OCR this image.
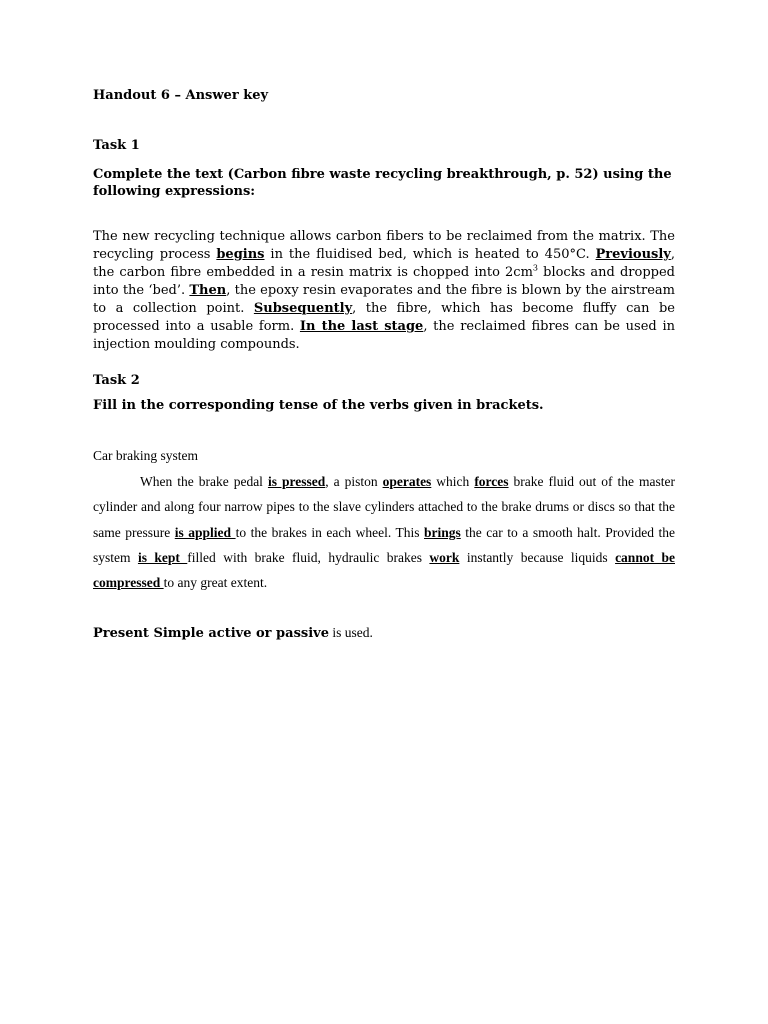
Handout 6 – Answer key
Task 1
Complete the text (Carbon fibre waste recycling breakthrough, p. 52) using the following expressions:

The new recycling technique allows carbon fibers to be reclaimed from the matrix. The recycling process begins in the fluidised bed, which is heated to 450°C. Previously, the carbon fibre embedded in a resin matrix is chopped into $2cm^3$ blocks and dropped into the ‘bed’. Then, the epoxy resin evaporates and the fibre is blown by the airstream to a collection point. Subsequently, the fibre, which has become fluffy can be processed into a usable form. In the last stage, the reclaimed fibres can be used in injection moulding compounds.

Task 2
Fill in the corresponding tense of the verbs given in brackets.
Car braking system

When the brake pedal is pressed, a piston operates which forces brake fluid out of the master cylinder and along four narrow pipes to the slave cylinders attached to the brake drums or discs so that the same pressure is applied to the brakes in each wheel. This brings the car to a smooth halt. Provided the system is kept filled with brake fluid, hydraulic brakes work instantly because liquids cannot be compressed to any great extent.

Present Simple active or passive is used.
